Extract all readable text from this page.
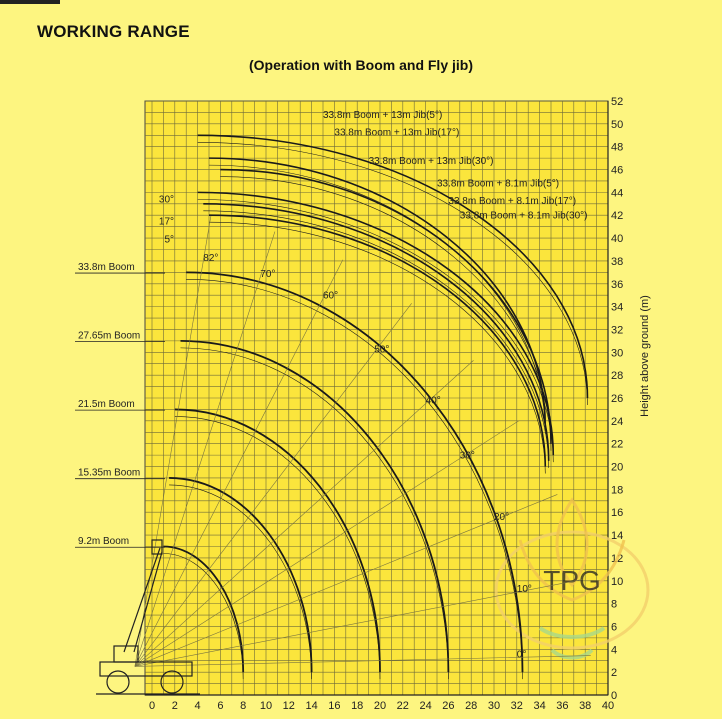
WORKING RANGE
(Operation with Boom and Fly jib)
0 2 4 6 8 10 12 14 16 18 20 22 24 26 28 30 32 34 36 38 40
0
2
4
6
8
10
12
14
16
18
20
22
24
26
28
30
32
34
36
38
40
42
44
46
48
50
52
TPG
33.8m Boom + 13m Jib(5°)
33.8m Boom + 13m Jib(17°)
33.8m Boom + 13m Jib(30°)
33.8m Boom + 8.1m Jib(5°)
33.8m Boom + 8.1m Jib(17°)
33.8m Boom + 8.1m Jib(30°)
33.8m Boom
27.65m Boom
21.5m Boom
15.35m Boom
9.2m Boom
82°
70°
60°
50°
40°
30°
20°
10°
0°
30°
17°
5°
Height above ground (m)
